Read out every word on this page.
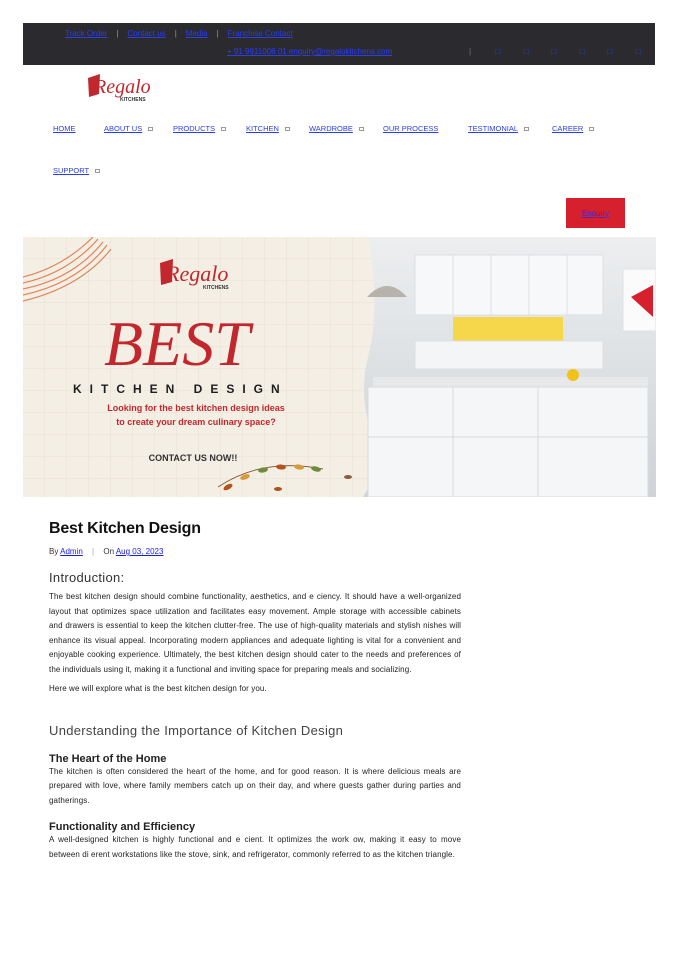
Track Order | Contact us | Media | Franchise Contact
+ 91 9911008 01 enquiry@regalokitchens.com	|	□	□	□	□	□	□
Regalo
KITCHENS
HOME	ABOUT US	PRODUCTS	KITCHEN	WARDROBE	OUR PROCESS	TESTIMONIAL	CAREER
SUPPORT
Enquiry
Regalo
KITCHENS
BEST
KITCHEN DESIGN
Looking for the best kitchen design ideas
to create your dream culinary space?
CONTACT US NOW!!
Best Kitchen Design
By Admin | On Aug 03, 2023
Introduction:

The best kitchen design should combine functionality, aesthetics, and e ciency. It should have a well-organized layout that optimizes space utilization and facilitates easy movement. Ample storage with accessible cabinets and drawers is essential to keep the kitchen clutter-free. The use of high-quality materials and stylish nishes will enhance its visual appeal. Incorporating modern appliances and adequate lighting is vital for a convenient and enjoyable cooking experience. Ultimately, the best kitchen design should cater to the needs and preferences of the individuals using it, making it a functional and inviting space for preparing meals and socializing.

Here we will explore what is the best kitchen design for you.

Understanding the Importance of Kitchen Design
The Heart of the Home

The kitchen is often considered the heart of the home, and for good reason. It is where delicious meals are prepared with love, where family members catch up on their day, and where guests gather during parties and gatherings.

Functionality and Efficiency

A well-designed kitchen is highly functional and e cient. It optimizes the work ow, making it easy to move between di erent workstations like the stove, sink, and refrigerator, commonly referred to as the kitchen triangle.
